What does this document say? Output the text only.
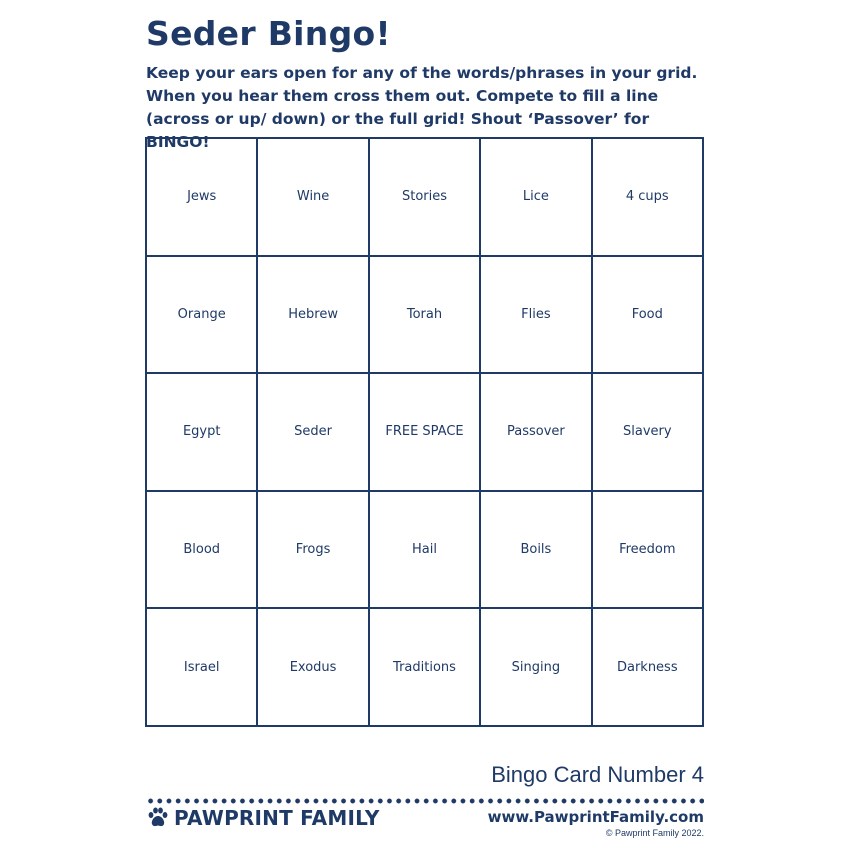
Seder Bingo!
Keep your ears open for any of the words/phrases in your grid. When you hear them cross them out. Compete to fill a line (across or up/ down) or the full grid! Shout ‘Passover’ for BINGO!
Jews	Wine	Stories	Lice	4 cups
Orange	Hebrew	Torah	Flies	Food
Egypt	Seder	FREE SPACE	Passover	Slavery
Blood	Frogs	Hail	Boils	Freedom
Israel	Exodus	Traditions	Singing	Darkness
Bingo Card Number 4
PAWPRINT FAMILY	www.PawprintFamily.com
© Pawprint Family 2022.
